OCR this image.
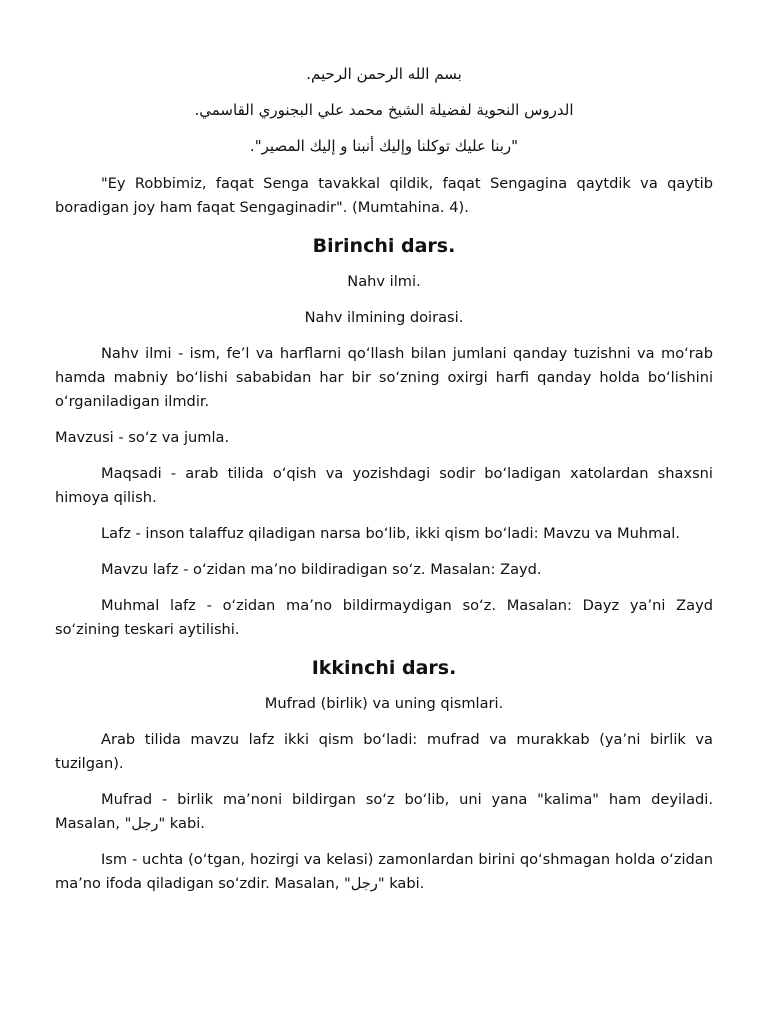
بسم الله الرحمن الرحيم.
الدروس النحوية لفضيلة الشيخ محمد علي البجنوري القاسمي.
"ربنا عليك توكلنا وإليك أنبنا و إليك المصير".

"Ey Robbimiz, faqat Senga tavakkal qildik, faqat Sengagina qaytdik va qaytib boradigan joy ham faqat Sengaginadir". (Mumtahina. 4).

Birinchi dars.
Nahv ilmi.
Nahv ilmining doirasi.

Nahv ilmi - ism, fe’l va harflarni qo‘llash bilan jumlani qanday tuzishni va mo‘rab hamda mabniy bo‘lishi sababidan har bir so‘zning oxirgi harfi qanday holda bo‘lishini o‘rganiladigan ilmdir.

Mavzusi - so‘z va jumla.

Maqsadi - arab tilida o‘qish va yozishdagi sodir bo‘ladigan xatolardan shaxsni himoya qilish.

Lafz - inson talaffuz qiladigan narsa bo‘lib, ikki qism bo‘ladi: Mavzu va Muhmal.

Mavzu lafz - o‘zidan ma’no bildiradigan so‘z. Masalan: Zayd.

Muhmal lafz - o‘zidan ma’no bildirmaydigan so‘z. Masalan: Dayz ya’ni Zayd so‘zining teskari aytilishi.

Ikkinchi dars.
Mufrad (birlik) va uning qismlari.

Arab tilida mavzu lafz ikki qism bo‘ladi: mufrad va murakkab (ya’ni birlik va tuzilgan).

Mufrad - birlik ma’noni bildirgan so‘z bo‘lib, uni yana "kalima" ham deyiladi. Masalan, "رجل" kabi.

Ism - uchta (o‘tgan, hozirgi va kelasi) zamonlardan birini qo‘shmagan holda o‘zidan ma’no ifoda qiladigan so‘zdir. Masalan, "رجل" kabi.
